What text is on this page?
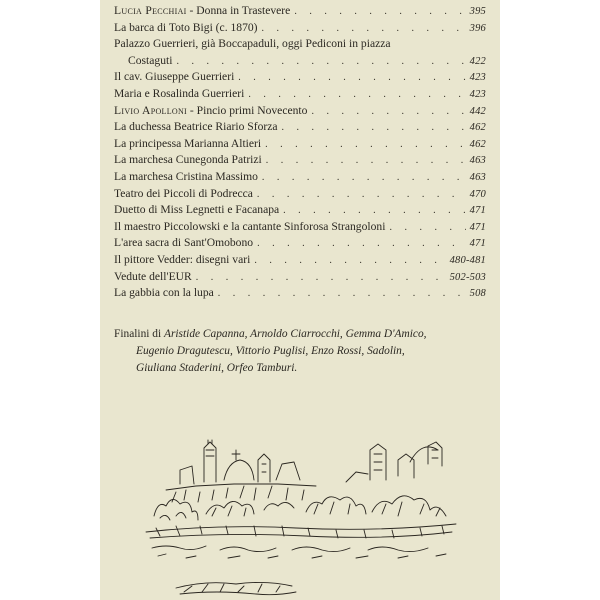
Lucia Pecchiai - Donna in Trastevere . . .	395
La barca di Toto Bigi (c. 1870) . . .	396
Palazzo Guerrieri, già Boccapaduli, oggi Pediconi in piazza
Costaguti . . .	422
Il cav. Giuseppe Guerrieri . . .	423
Maria e Rosalinda Guerrieri . . .	423
Livio Apolloni - Pincio primi Novecento . . .	442
La duchessa Beatrice Riario Sforza . . .	462
La principessa Marianna Altieri . . .	462
La marchesa Cunegonda Patrizi . . .	463
La marchesa Cristina Massimo . . .	463
Teatro dei Piccoli di Podrecca . . .	470
Duetto di Miss Legnetti e Facanapa . . .	471
Il maestro Piccolowski e la cantante Sinforosa Strangoloni . . .	471
L'area sacra di Sant'Omobono . . .	471
Il pittore Vedder: disegni vari . . .	480-481
Vedute dell'EUR . . .	502-503
La gabbia con la lupa . . .	508
Finalini di Aristide Capanna, Arnoldo Ciarrocchi, Gemma D'Amico,
Eugenio Dragutescu, Vittorio Puglisi, Enzo Rossi, Sadolin,
Giuliana Staderini, Orfeo Tamburi.
